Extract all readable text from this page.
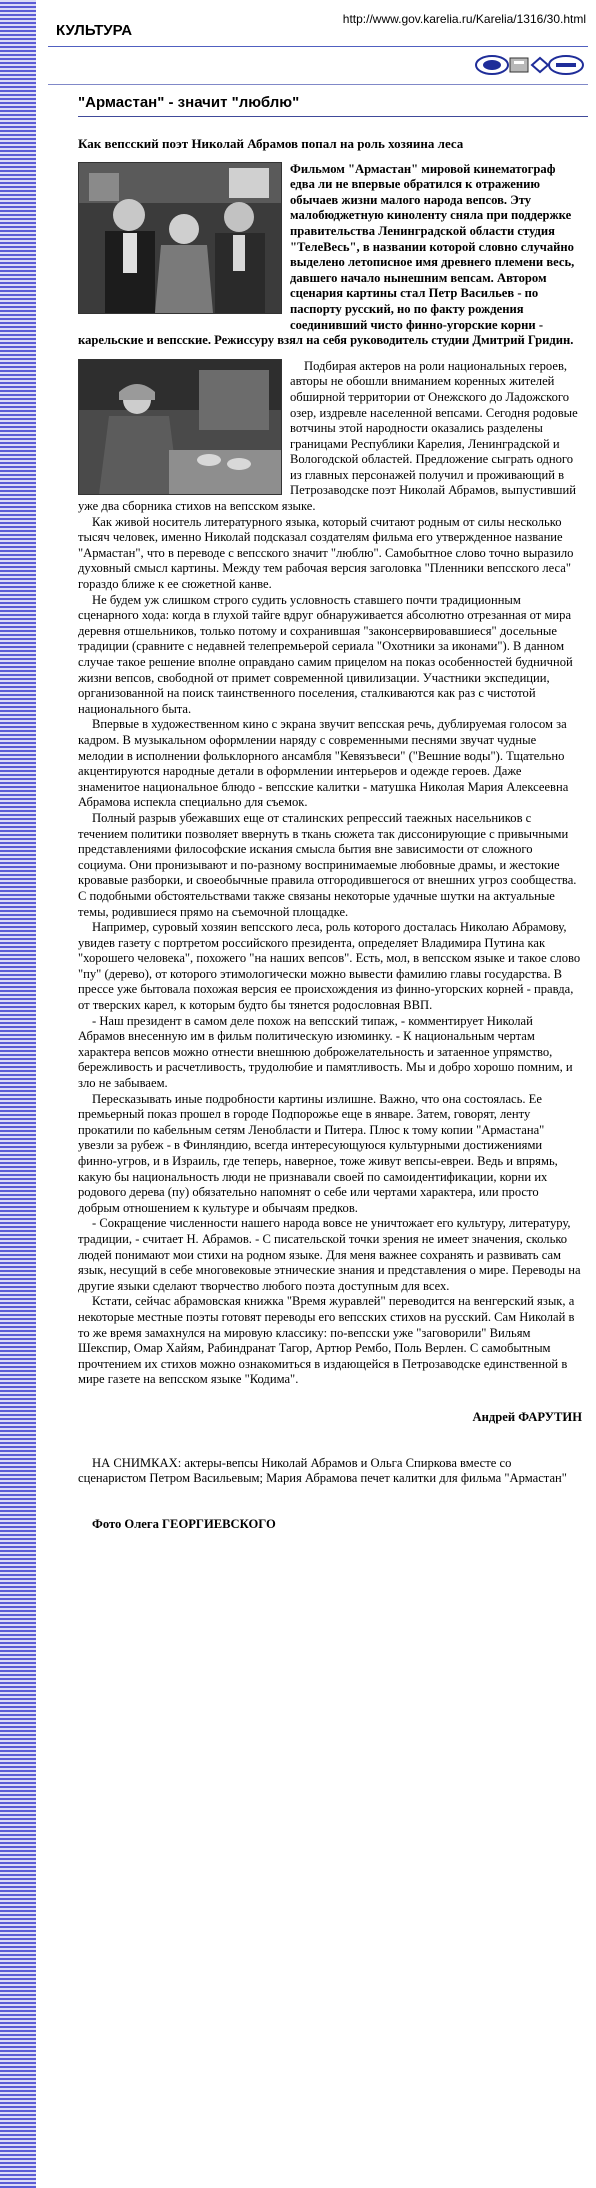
КУЛЬТУРА
http://www.gov.karelia.ru/Karelia/1316/30.html
"Армастан" - значит "люблю"
Как вепсский поэт Николай Абрамов попал на роль хозяина леса
Фильмом "Армастан" мировой кинематограф едва ли не впервые обратился к отражению обычаев жизни малого народа вепсов. Эту малобюджетную киноленту сняла при поддержке правительства Ленинградской области студия "ТелеВесь", в названии которой словно случайно выделено летописное имя древнего племени весь, давшего начало нынешним вепсам. Автором сценария картины стал Петр Васильев - по паспорту русский, но по факту рождения соединивший чисто финно-угорские корни - карельские и вепсские. Режиссуру взял на себя руководитель студии Дмитрий Гридин.

Подбирая актеров на роли национальных героев, авторы не обошли вниманием коренных жителей обширной территории от Онежского до Ладожского озер, издревле населенной вепсами. Сегодня родовые вотчины этой народности оказались разделены границами Республики Карелия, Ленинградской и Вологодской областей. Предложение сыграть одного из главных персонажей получил и проживающий в Петрозаводске поэт Николай Абрамов, выпустивший уже два сборника стихов на вепсском языке.

Как живой носитель литературного языка, который считают родным от силы несколько тысяч человек, именно Николай подсказал создателям фильма его утвержденное название "Армастан", что в переводе с вепсского значит "люблю". Самобытное слово точно выразило духовный смысл картины. Между тем рабочая версия заголовка "Пленники вепсского леса" гораздо ближе к ее сюжетной канве.

Не будем уж слишком строго судить условность ставшего почти традиционным сценарного хода: когда в глухой тайге вдруг обнаруживается абсолютно отрезанная от мира деревня отшельников, только потому и сохранившая "законсервировавшиеся" досельные традиции (сравните с недавней телепремьерой сериала "Охотники за иконами"). В данном случае такое решение вполне оправдано самим прицелом на показ особенностей будничной жизни вепсов, свободной от примет современной цивилизации. Участники экспедиции, организованной на поиск таинственного поселения, сталкиваются как раз с чистотой национального быта.

Впервые в художественном кино с экрана звучит вепсская речь, дублируемая голосом за кадром. В музыкальном оформлении наряду с современными песнями звучат чудные мелодии в исполнении фольклорного ансамбля "Кевязъвеси" ("Вешние воды"). Тщательно акцентируются народные детали в оформлении интерьеров и одежде героев. Даже знаменитое национальное блюдо - вепсские калитки - матушка Николая Мария Алексеевна Абрамова испекла специально для съемок.

Полный разрыв убежавших еще от сталинских репрессий таежных насельников с течением политики позволяет ввернуть в ткань сюжета так диссонирующие с привычными представлениями философские искания смысла бытия вне зависимости от сложного социума. Они пронизывают и по-разному воспринимаемые любовные драмы, и жестокие кровавые разборки, и своеобычные правила отгородившегося от внешних угроз сообщества. С подобными обстоятельствами также связаны некоторые удачные шутки на актуальные темы, родившиеся прямо на съемочной площадке.

Например, суровый хозяин вепсского леса, роль которого досталась Николаю Абрамову, увидев газету с портретом российского президента, определяет Владимира Путина как "хорошего человека", похожего "на наших вепсов". Есть, мол, в вепсском языке и такое слово "пу" (дерево), от которого этимологически можно вывести фамилию главы государства. В прессе уже бытовала похожая версия ее происхождения из финно-угорских корней - правда, от тверских карел, к которым будто бы тянется родословная ВВП.

- Наш президент в самом деле похож на вепсский типаж, - комментирует Николай Абрамов внесенную им в фильм политическую изюминку. - К национальным чертам характера вепсов можно отнести внешнюю доброжелательность и затаенное упрямство, бережливость и расчетливость, трудолюбие и памятливость. Мы и добро хорошо помним, и зло не забываем.

Пересказывать иные подробности картины излишне. Важно, что она состоялась. Ее премьерный показ прошел в городе Подпорожье еще в январе. Затем, говорят, ленту прокатили по кабельным сетям Ленобласти и Питера. Плюс к тому копии "Армастана" увезли за рубеж - в Финляндию, всегда интересующуюся культурными достижениями финно-угров, и в Израиль, где теперь, наверное, тоже живут вепсы-евреи. Ведь и впрямь, какую бы национальность люди не признавали своей по самоидентификации, корни их родового дерева (пу) обязательно напомнят о себе или чертами характера, или просто добрым отношением к культуре и обычаям предков.

- Сокращение численности нашего народа вовсе не уничтожает его культуру, литературу, традиции, - считает Н. Абрамов. - С писательской точки зрения не имеет значения, сколько людей понимают мои стихи на родном языке. Для меня важнее сохранять и развивать сам язык, несущий в себе многовековые этнические знания и представления о мире. Переводы на другие языки сделают творчество любого поэта доступным для всех.

Кстати, сейчас абрамовская книжка "Время журавлей" переводится на венгерский язык, а некоторые местные поэты готовят переводы его вепсских стихов на русский. Сам Николай в то же время замахнулся на мировую классику: по-вепсски уже "заговорили" Вильям Шекспир, Омар Хайям, Рабиндранат Тагор, Артюр Рембо, Поль Верлен. С самобытным прочтением их стихов можно ознакомиться в издающейся в Петрозаводске единственной в мире газете на вепсском языке "Кодима".

Андрей ФАРУТИН

НА СНИМКАХ: актеры-вепсы Николай Абрамов и Ольга Спиркова вместе со сценаристом Петром Васильевым; Мария Абрамова печет калитки для фильма "Армастан"

Фото Олега ГЕОРГИЕВСКОГО
